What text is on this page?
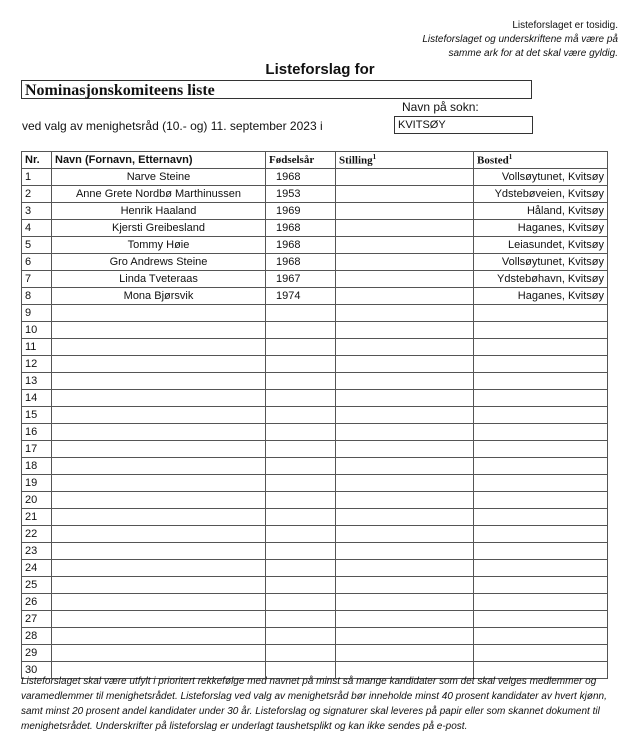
Listeforslaget er tosidig.
Listeforslaget og underskriftene må være på
samme ark for at det skal være gyldig.
Listeforslag for
Nominasjonskomiteens liste
Navn på sokn:
ved valg av menighetsråd (10.- og) 11. september 2023 i	KVITSØY
Nr.	Navn (Fornavn, Etternavn)	Fødselsår	Stilling$^1$	Bosted$^1$
1	Narve Steine	1968		Vollsøytunet, Kvitsøy
2	Anne Grete Nordbø Marthinussen	1953		Ydstebøveien, Kvitsøy
3	Henrik Haaland	1969		Håland, Kvitsøy
4	Kjersti Greibesland	1968		Haganes, Kvitsøy
5	Tommy Høie	1968		Leiasundet, Kvitsøy
6	Gro Andrews Steine	1968		Vollsøytunet, Kvitsøy
7	Linda Tveteraas	1967		Ydstebøhavn, Kvitsøy
8	Mona Bjørsvik	1974		Haganes, Kvitsøy
9				
10				
11				
12				
13				
14				
15				
16				
17				
18				
19				
20				
21				
22				
23				
24				
25				
26				
27				
28				
29				
30				
Listeforslaget skal være utfylt i prioritert rekkefølge med navnet på minst så mange kandidater som det skal velges medlemmer og varamedlemmer til menighetsrådet. Listeforslag ved valg av menighetsråd bør inneholde minst 40 prosent kandidater av hvert kjønn, samt minst 20 prosent andel kandidater under 30 år. Listeforslag og signaturer skal leveres på papir eller som skannet dokument til menighetsrådet. Underskrifter på listeforslag er underlagt taushetsplikt og kan ikke sendes på e-post.
